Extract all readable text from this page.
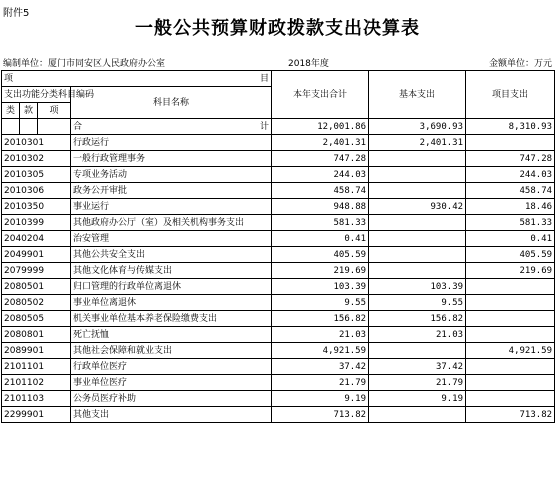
附件5
一般公共预算财政拨款支出决算表
编制单位：厦门市同安区人民政府办公室	2018年度	金额单位：万元
项 目				本年支出合计	基本支出	项目支出
支出功能分类科目编码			科目名称			
类	款	项				

			合 计	12,001.86	3,690.93	8,310.93
2010301			行政运行	2,401.31	2,401.31	
2010302			一般行政管理事务	747.28		747.28
2010305			专项业务活动	244.03		244.03
2010306			政务公开审批	458.74		458.74
2010350			事业运行	948.88	930.42	18.46
2010399			其他政府办公厅（室）及相关机构事务支出	581.33		581.33
2040204			治安管理	0.41		0.41
2049901			其他公共安全支出	405.59		405.59
2079999			其他文化体育与传媒支出	219.69		219.69
2080501			归口管理的行政单位离退休	103.39	103.39	
2080502			事业单位离退休	9.55	9.55	
2080505			机关事业单位基本养老保险缴费支出	156.82	156.82	
2080801			死亡抚恤	21.03	21.03	
2089901			其他社会保障和就业支出	4,921.59		4,921.59
2101101			行政单位医疗	37.42	37.42	
2101102			事业单位医疗	21.79	21.79	
2101103			公务员医疗补助	9.19	9.19	
2299901			其他支出	713.82		713.82
